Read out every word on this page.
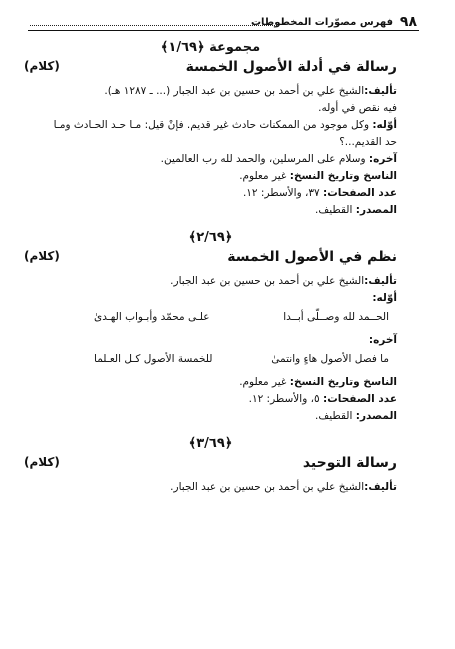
٩٨
فهرس مصوّرات المخطوطات
مجموعة ﴿١/٦٩﴾
رسالة في أدلة الأصول الخمسة
(كلام)
تأليف:الشيخ علي بن أحمد بن حسين بن عبد الجبار (... ـ ١٢٨٧ هـ).
فيه نقص في أوله.
أوّله: وكل موجود من الممكنات حادث غير قديم. فإنْ قيل: مـا حـد الحـادث ومـا
حد القديم...؟
آخره: وسلام على المرسلين، والحمد لله رب العالمين.
الناسخ وتاريخ النسخ: غير معلوم.
عدد الصفحات: ٣٧، والأسطر: ١٢.
المصدر: القطيف.
﴿٢/٦٩﴾
نظم في الأصول الخمسة
(كلام)
تأليف:الشيخ علي بن أحمد بن حسين بن عبد الجبار.
أوّله:
الحــمد لله وصــلّى أبــدا
علـى محمّد وأبـواب الهـدىٰ
آخره:
ما فصل الأصول هاءٍ وانتمىٰ
للخمسة الأصول كـل العـلما
الناسخ وتاريخ النسخ: غير معلوم.
عدد الصفحات: ٥، والأسطر: ١٢.
المصدر: القطيف.
﴿٣/٦٩﴾
رسالة التوحيد
(كلام)
تأليف:الشيخ علي بن أحمد بن حسين بن عبد الجبار.
